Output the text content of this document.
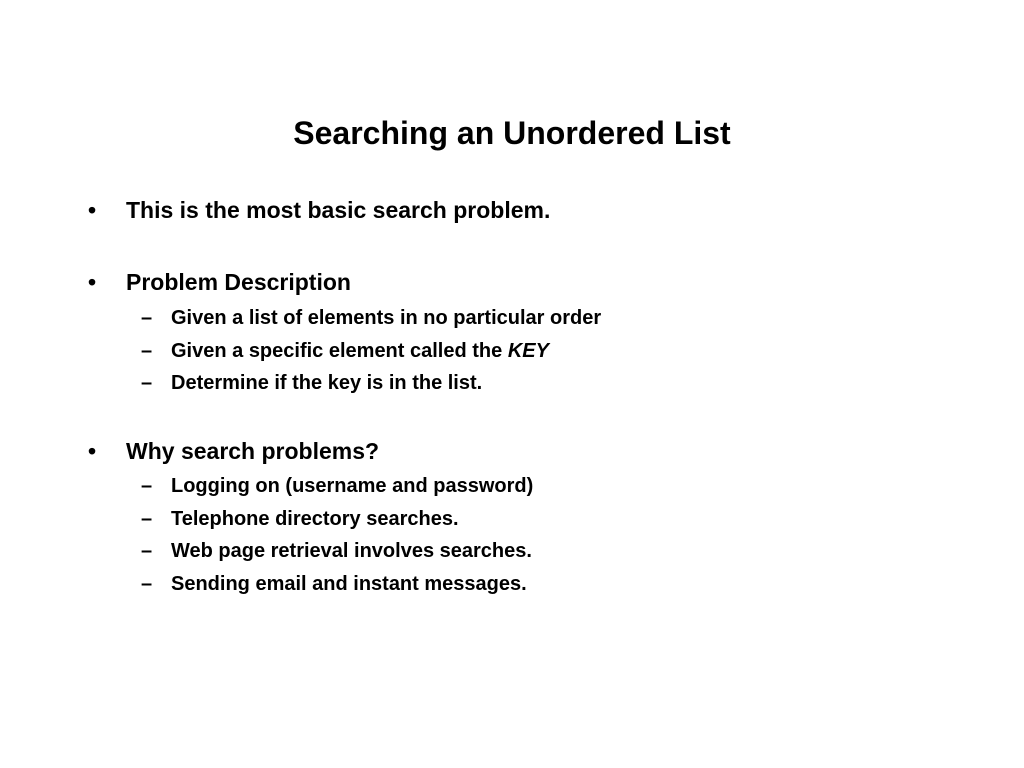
Searching an Unordered List
• This is the most basic search problem.
• Problem Description
– Given a list of elements in no particular order
– Given a specific element called the KEY
– Determine if the key is in the list.
• Why search problems?
– Logging on (username and password)
– Telephone directory searches.
– Web page retrieval involves searches.
– Sending email and instant messages.
